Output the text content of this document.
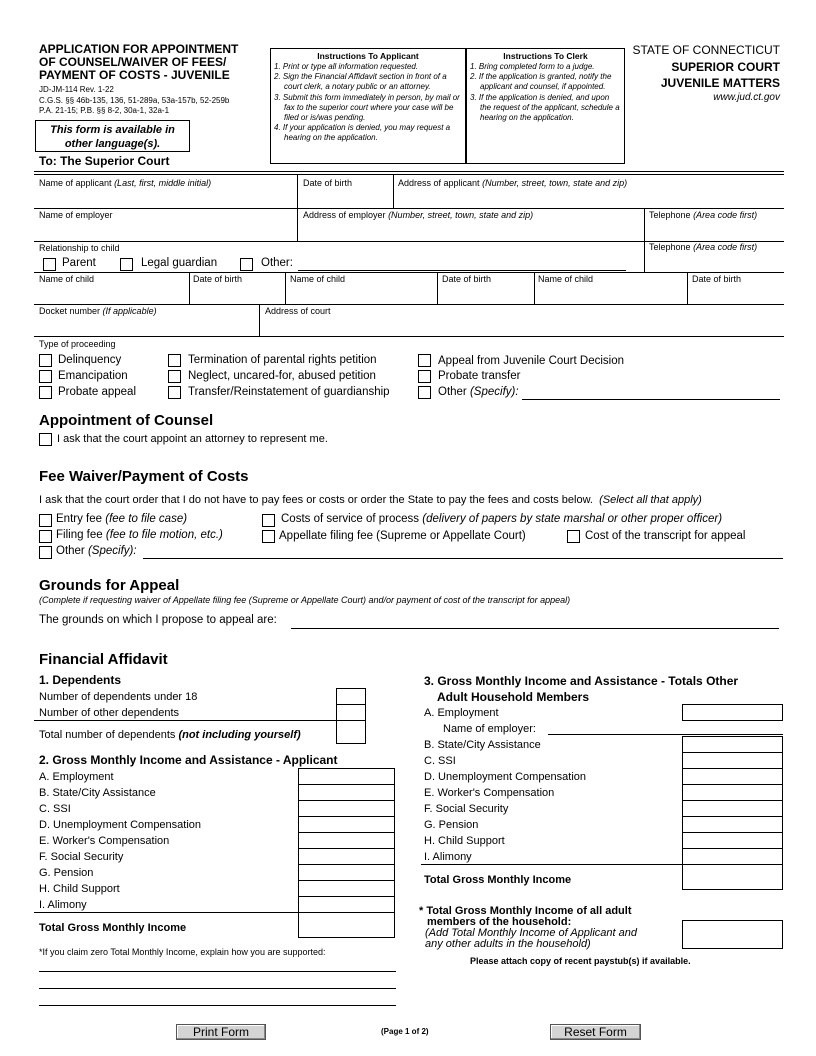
APPLICATION FOR APPOINTMENT
OF COUNSEL/WAIVER OF FEES/
PAYMENT OF COSTS - JUVENILE
JD-JM-114 Rev. 1-22
C.G.S. §§ 46b-135, 136, 51-289a, 53a-157b, 52-259b
P.A. 21-15; P.B. §§ 8-2, 30a-1, 32a-1
This form is available in
other language(s).
To: The Superior Court
Instructions To Applicant
1. Print or type all information requested.
2. Sign the Financial Affidavit section in front of a court clerk, a notary public or an attorney.
3. Submit this form immediately in person, by mail or fax to the superior court where your case will be filed or is/was pending.
4. If your application is denied, you may request a hearing on the application.
Instructions To Clerk
1. Bring completed form to a judge.
2. If the application is granted, notify the applicant and counsel, if appointed.
3. If the application is denied, and upon the request of the applicant, schedule a hearing on the application.
STATE OF CONNECTICUT
SUPERIOR COURT
JUVENILE MATTERS
www.jud.ct.gov
Name of applicant (Last, first, middle initial)	Date of birth	Address of applicant (Number, street, town, state and zip)
Name of employer	Address of employer (Number, street, town, state and zip)	Telephone (Area code first)
Relationship to child	Telephone (Area code first)
Parent	Legal guardian	Other:
Name of child	Date of birth	Name of child	Date of birth	Name of child	Date of birth
Docket number (If applicable)	Address of court
Type of proceeding
Delinquency
Emancipation
Probate appeal
Termination of parental rights petition
Neglect, uncared-for, abused petition
Transfer/Reinstatement of guardianship
Appeal from Juvenile Court Decision
Probate transfer
Other (Specify):
Appointment of Counsel
I ask that the court appoint an attorney to represent me.
Fee Waiver/Payment of Costs
I ask that the court order that I do not have to pay fees or costs or order the State to pay the fees and costs below. (Select all that apply)
Entry fee (fee to file case)
Filing fee (fee to file motion, etc.)
Other (Specify):
Costs of service of process (delivery of papers by state marshal or other proper officer)
Appellate filing fee (Supreme or Appellate Court)	Cost of the transcript for appeal
Grounds for Appeal
(Complete if requesting waiver of Appellate filing fee (Supreme or Appellate Court) and/or payment of cost of the transcript for appeal)
The grounds on which I propose to appeal are:
Financial Affidavit
1. Dependents
Number of dependents under 18
Number of other dependents
Total number of dependents (not including yourself)
2. Gross Monthly Income and Assistance - Applicant
A. Employment
B. State/City Assistance
C. SSI
D. Unemployment Compensation
E. Worker's Compensation
F. Social Security
G. Pension
H. Child Support
I. Alimony
Total Gross Monthly Income
*If you claim zero Total Monthly Income, explain how you are supported:
3. Gross Monthly Income and Assistance - Totals Other
Adult Household Members
A. Employment
Name of employer:
B. State/City Assistance
C. SSI
D. Unemployment Compensation
E. Worker's Compensation
F. Social Security
G. Pension
H. Child Support
I. Alimony
Total Gross Monthly Income
* Total Gross Monthly Income of all adult
members of the household:
(Add Total Monthly Income of Applicant and
any other adults in the household)
Please attach copy of recent paystub(s) if available.
Print Form	(Page 1 of 2)	Reset Form
